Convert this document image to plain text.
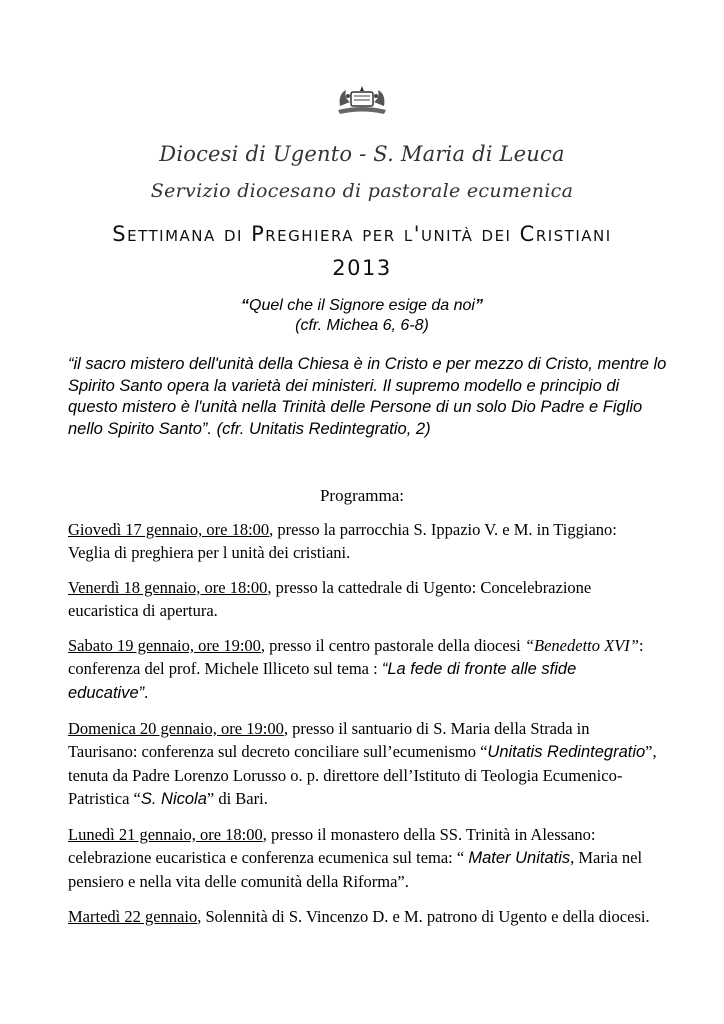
Diocesi di Ugento - S. Maria di Leuca
Servizio diocesano di pastorale ecumenica
Settimana di Preghiera per l'unità dei Cristiani
2013
“Quel che il Signore esige da noi”
(cfr. Michea 6, 6-8)
“il sacro mistero dell'unità della Chiesa è in Cristo e per mezzo di Cristo, mentre lo Spirito Santo opera la varietà dei ministeri. Il supremo modello e principio di questo mistero è l'unità nella Trinità delle Persone di un solo Dio Padre e Figlio nello Spirito Santo”. (cfr. Unitatis Redintegratio, 2)
Programma:

Giovedì 17 gennaio, ore 18:00, presso la parrocchia S. Ippazio V. e M. in Tiggiano: Veglia di preghiera per l unità dei cristiani.

Venerdì 18 gennaio, ore 18:00, presso la cattedrale di Ugento: Concelebrazione eucaristica di apertura.

Sabato 19 gennaio, ore 19:00, presso il centro pastorale della diocesi “Benedetto XVI”: conferenza del prof. Michele Illiceto sul tema : “La fede di fronte alle sfide educative”.

Domenica 20 gennaio, ore 19:00, presso il santuario di S. Maria della Strada in Taurisano: conferenza sul decreto conciliare sull’ecumenismo “Unitatis Redintegratio”, tenuta da Padre Lorenzo Lorusso o. p. direttore dell’Istituto di Teologia Ecumenico-Patristica “S. Nicola” di Bari.

Lunedì 21 gennaio, ore 18:00, presso il monastero della SS. Trinità in Alessano: celebrazione eucaristica e conferenza ecumenica sul tema: “ Mater Unitatis, Maria nel pensiero e nella vita delle comunità della Riforma”.

Martedì 22 gennaio, Solennità di S. Vincenzo D. e M. patrono di Ugento e della diocesi.
